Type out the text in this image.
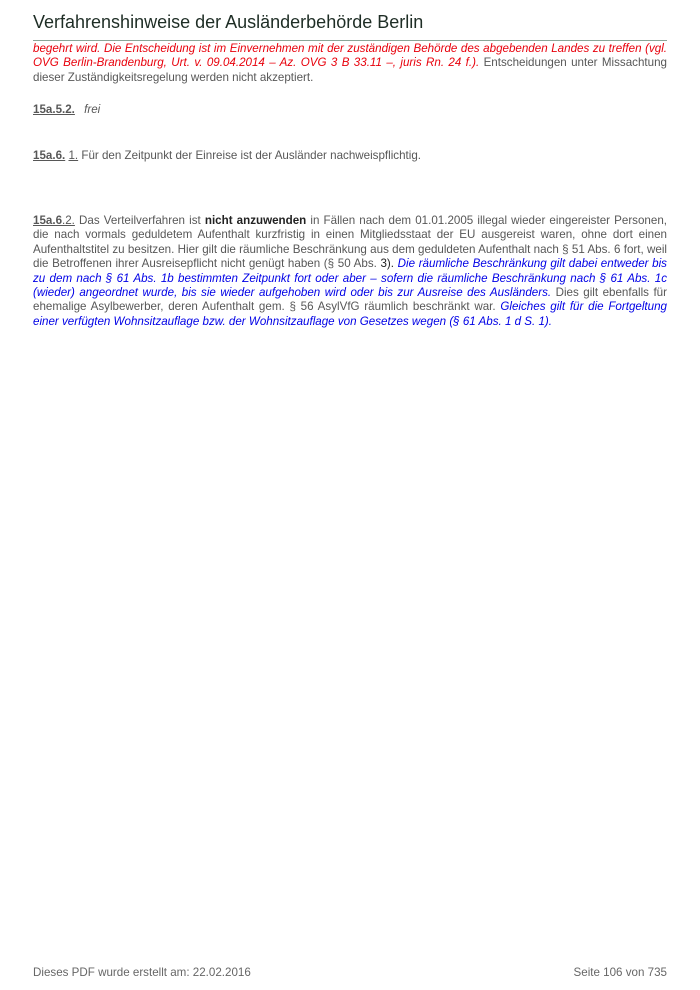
Verfahrenshinweise der Ausländerbehörde Berlin

begehrt wird. Die Entscheidung ist im Einvernehmen mit der zuständigen Behörde des abgebenden Landes zu treffen (vgl. OVG Berlin-Brandenburg, Urt. v. 09.04.2014 – Az. OVG 3 B 33.11 –, juris Rn. 24 f.). Entscheidungen unter Missachtung dieser Zuständigkeitsregelung werden nicht akzeptiert.

15a.5.2. frei

15a.6. 1. Für den Zeitpunkt der Einreise ist der Ausländer nachweispflichtig.

15a.6.2. Das Verteilverfahren ist nicht anzuwenden in Fällen nach dem 01.01.2005 illegal wieder eingereister Personen, die nach vormals geduldetem Aufenthalt kurzfristig in einen Mitgliedsstaat der EU ausgereist waren, ohne dort einen Aufenthaltstitel zu besitzen. Hier gilt die räumliche Beschränkung aus dem geduldeten Aufenthalt nach § 51 Abs. 6 fort, weil die Betroffenen ihrer Ausreisepflicht nicht genügt haben (§ 50 Abs. 3). Die räumliche Beschränkung gilt dabei entweder bis zu dem nach § 61 Abs. 1b bestimmten Zeitpunkt fort oder aber – sofern die räumliche Beschränkung nach § 61 Abs. 1c (wieder) angeordnet wurde, bis sie wieder aufgehoben wird oder bis zur Ausreise des Ausländers. Dies gilt ebenfalls für ehemalige Asylbewerber, deren Aufenthalt gem. § 56 AsylVfG räumlich beschränkt war. Gleiches gilt für die Fortgeltung einer verfügten Wohnsitzauflage bzw. der Wohnsitzauflage von Gesetzes wegen (§ 61 Abs. 1 d S. 1).

Dieses PDF wurde erstellt am: 22.02.2016	Seite 106 von 735
